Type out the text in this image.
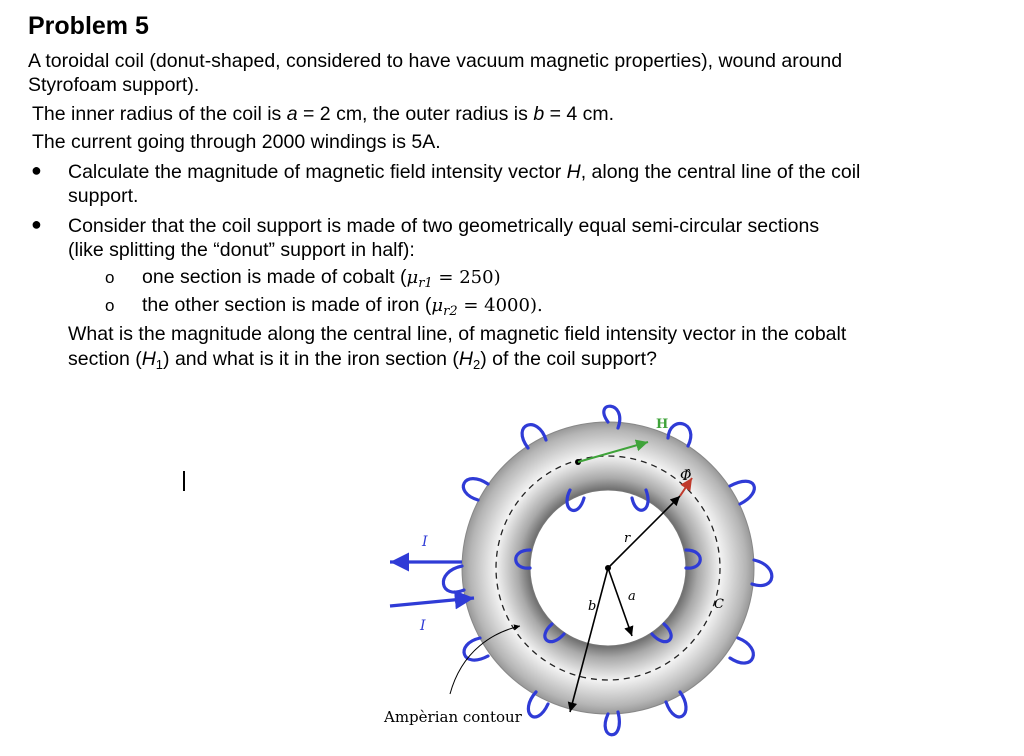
Problem 5
A toroidal coil (donut-shaped, considered to have vacuum magnetic properties), wound around
Styrofoam support).
The inner radius of the coil is a = 2 cm, the outer radius is b = 4 cm.
The current going through 2000 windings is 5A.
● Calculate the magnitude of magnetic field intensity vector H, along the central line of the coil
support.
● Consider that the coil support is made of two geometrically equal semi-circular sections
(like splitting the “donut” support in half):
o one section is made of cobalt $(\mu_{r1} = 250)$
o the other section is made of iron $(\mu_{r2} = 4000)$.
What is the magnitude along the central line, of magnetic field intensity vector in the cobalt
section $(H_1)$ and what is it in the iron section $(H_2)$ of the coil support?
I
I
r
a
b
H
Φ̂
C
Ampèrian contour
